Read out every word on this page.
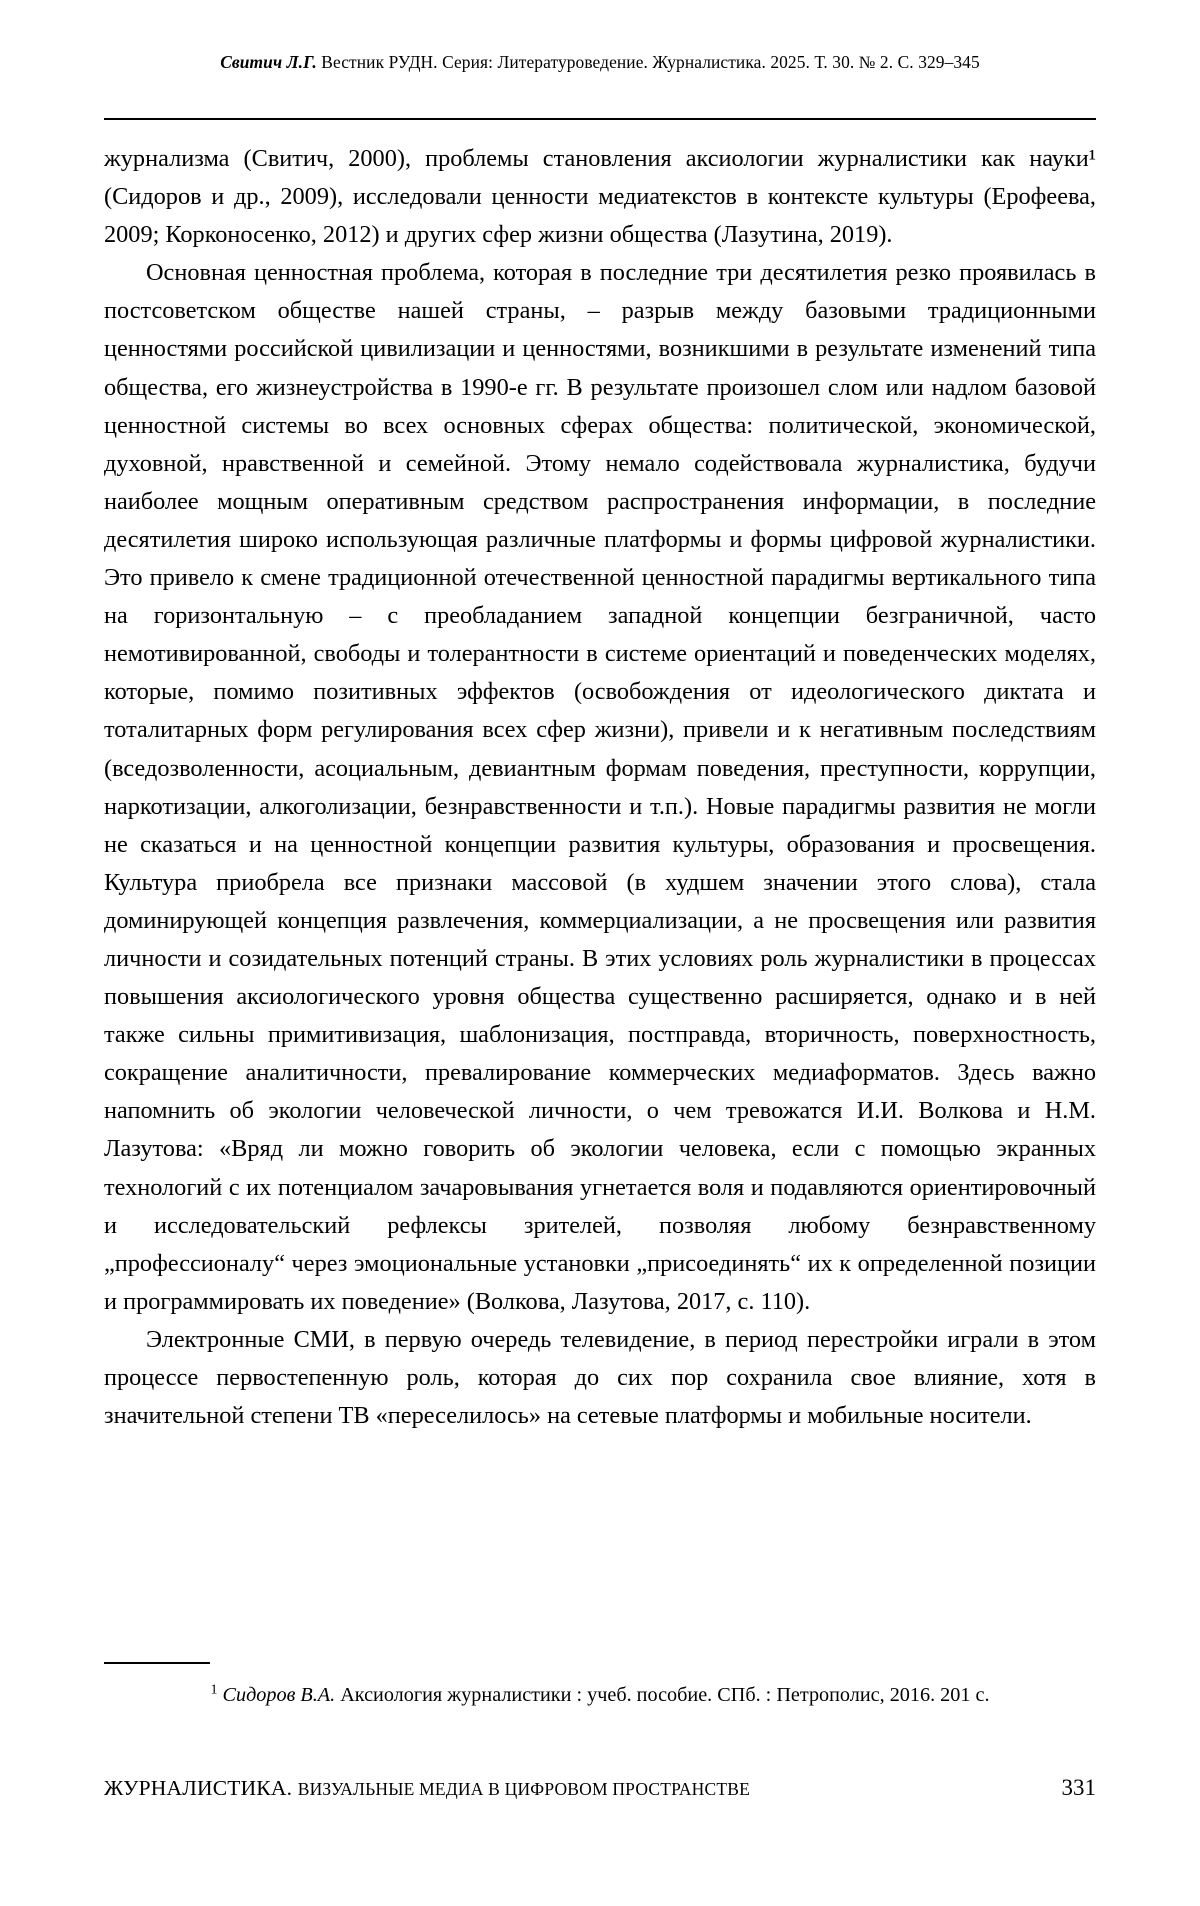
Свитич Л.Г. Вестник РУДН. Серия: Литературоведение. Журналистика. 2025. Т. 30. № 2. С. 329–345

журнализма (Свитич, 2000), проблемы становления аксиологии журналистики как науки¹ (Сидоров и др., 2009), исследовали ценности медиатекстов в контексте культуры (Ерофеева, 2009; Корконосенко, 2012) и других сфер жизни общества (Лазутина, 2019).

Основная ценностная проблема, которая в последние три десятилетия резко проявилась в постсоветском обществе нашей страны, – разрыв между базовыми традиционными ценностями российской цивилизации и ценностями, возникшими в результате изменений типа общества, его жизнеустройства в 1990-е гг. В результате произошел слом или надлом базовой ценностной системы во всех основных сферах общества: политической, экономической, духовной, нравственной и семейной. Этому немало содействовала журналистика, будучи наиболее мощным оперативным средством распространения информации, в последние десятилетия широко использующая различные платформы и формы цифровой журналистики. Это привело к смене традиционной отечественной ценностной парадигмы вертикального типа на горизонтальную – с преобладанием западной концепции безграничной, часто немотивированной, свободы и толерантности в системе ориентаций и поведенческих моделях, которые, помимо позитивных эффектов (освобождения от идеологического диктата и тоталитарных форм регулирования всех сфер жизни), привели и к негативным последствиям (вседозволенности, асоциальным, девиантным формам поведения, преступности, коррупции, наркотизации, алкоголизации, безнравственности и т.п.). Новые парадигмы развития не могли не сказаться и на ценностной концепции развития культуры, образования и просвещения. Культура приобрела все признаки массовой (в худшем значении этого слова), стала доминирующей концепция развлечения, коммерциализации, а не просвещения или развития личности и созидательных потенций страны. В этих условиях роль журналистики в процессах повышения аксиологического уровня общества существенно расширяется, однако и в ней также сильны примитивизация, шаблонизация, постправда, вторичность, поверхностность, сокращение аналитичности, превалирование коммерческих медиаформатов. Здесь важно напомнить об экологии человеческой личности, о чем тревожатся И.И. Волкова и Н.М. Лазутова: «Вряд ли можно говорить об экологии человека, если с помощью экранных технологий с их потенциалом зачаровывания угнетается воля и подавляются ориентировочный и исследовательский рефлексы зрителей, позволяя любому безнравственному „профессионалу“ через эмоциональные установки „присоединять“ их к определенной позиции и программировать их поведение» (Волкова, Лазутова, 2017, с. 110).

Электронные СМИ, в первую очередь телевидение, в период перестройки играли в этом процессе первостепенную роль, которая до сих пор сохранила свое влияние, хотя в значительной степени ТВ «переселилось» на сетевые платформы и мобильные носители.

$^1$ Сидоров В.А. Аксиология журналистики : учеб. пособие. СПб. : Петрополис, 2016. 201 с.
ЖУРНАЛИСТИКА. ВИЗУАЛЬНЫЕ МЕДИА В ЦИФРОВОМ ПРОСТРАНСТВЕ	331
